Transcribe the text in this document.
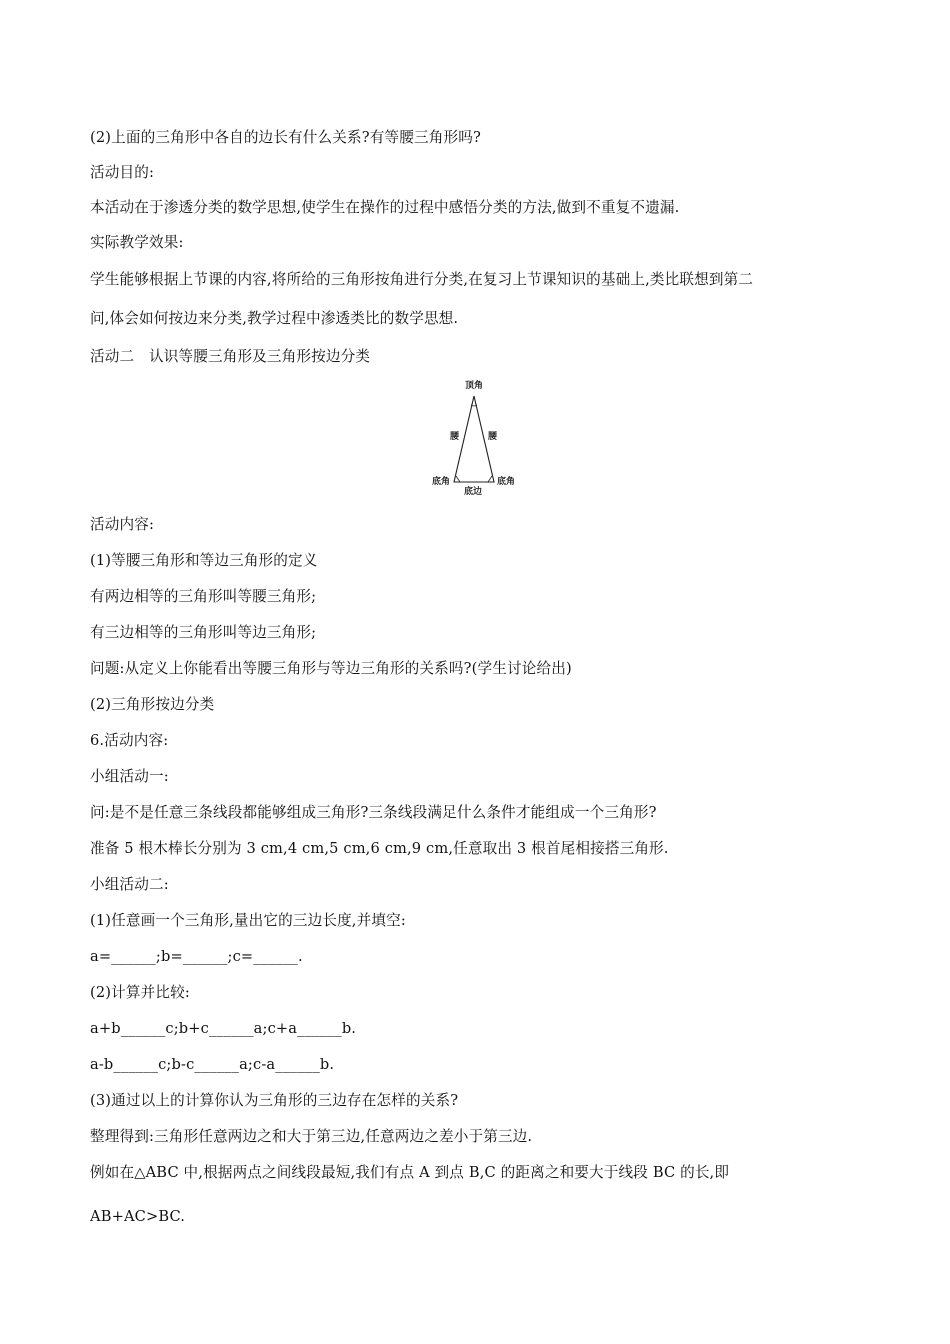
(2)上面的三角形中各自的边长有什么关系?有等腰三角形吗?
活动目的:
本活动在于渗透分类的数学思想,使学生在操作的过程中感悟分类的方法,做到不重复不遗漏.
实际教学效果:
学生能够根据上节课的内容,将所给的三角形按角进行分类,在复习上节课知识的基础上,类比联想到第二
问,体会如何按边来分类,教学过程中渗透类比的数学思想.
活动二　认识等腰三角形及三角形按边分类
顶角
腰	腰
底角	底角
底边
活动内容:
(1)等腰三角形和等边三角形的定义
有两边相等的三角形叫等腰三角形;
有三边相等的三角形叫等边三角形;
问题:从定义上你能看出等腰三角形与等边三角形的关系吗?(学生讨论给出)
(2)三角形按边分类
6.活动内容:
小组活动一:
问:是不是任意三条线段都能够组成三角形?三条线段满足什么条件才能组成一个三角形?
准备 5 根木棒长分别为 3 cm,4 cm,5 cm,6 cm,9 cm,任意取出 3 根首尾相接搭三角形.
小组活动二:
(1)任意画一个三角形,量出它的三边长度,并填空:
a=______;b=______;c=______.
(2)计算并比较:
a+b______c;b+c______a;c+a______b.
a-b______c;b-c______a;c-a______b.
(3)通过以上的计算你认为三角形的三边存在怎样的关系?
整理得到:三角形任意两边之和大于第三边,任意两边之差小于第三边.
例如在△ABC 中,根据两点之间线段最短,我们有点 A 到点 B,C 的距离之和要大于线段 BC 的长,即
AB+AC>BC.
